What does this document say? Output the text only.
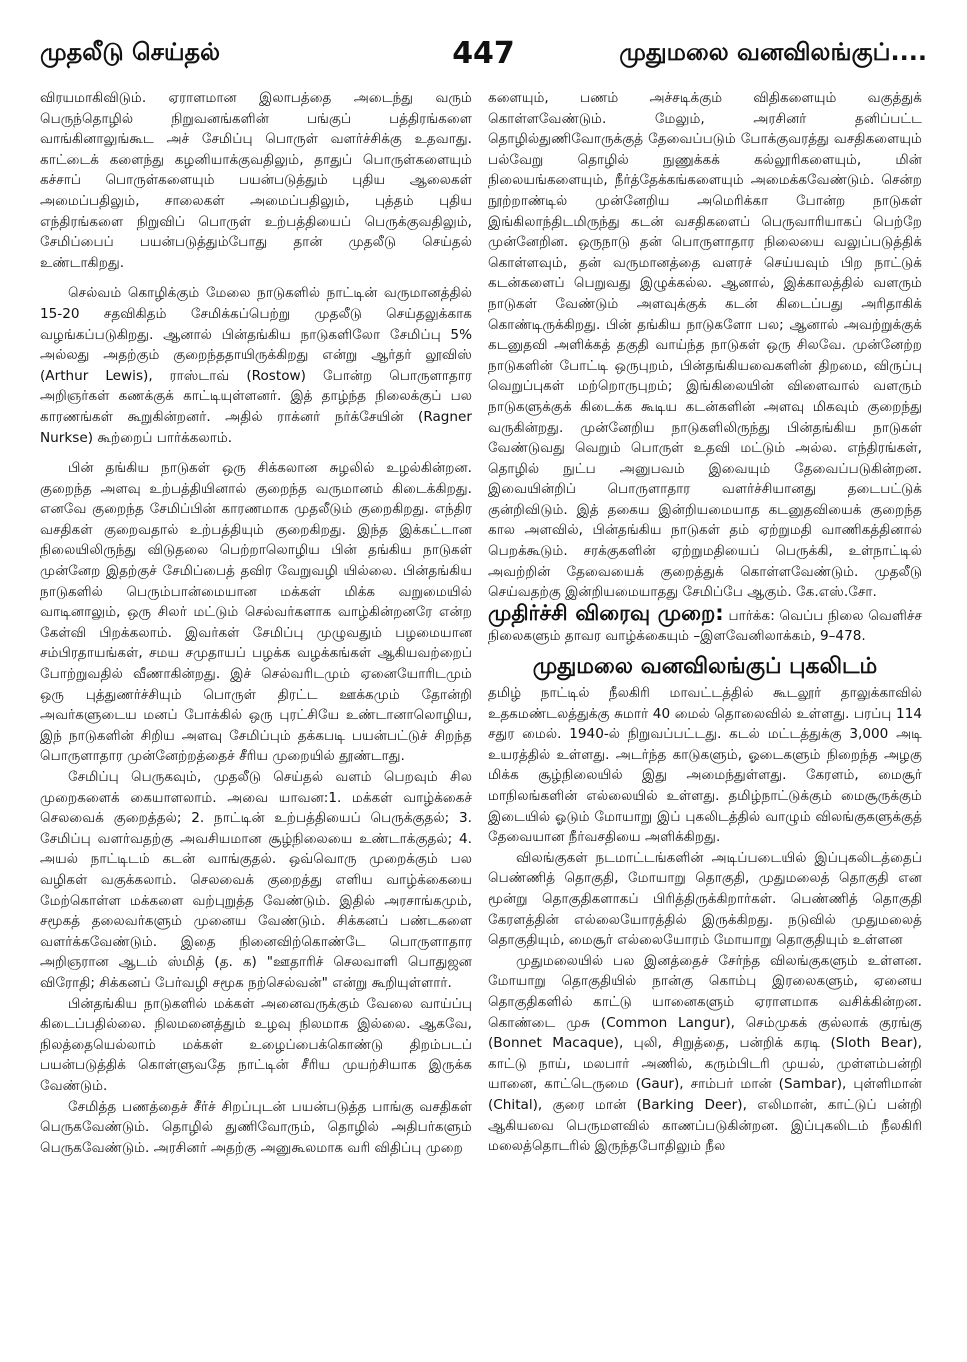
முதலீடு செய்தல்	447	முதுமலை வனவிலங்குப்....

விரயமாகிவிடும். ஏராளமான இலாபத்தை அடைந்து வரும் பெருந்தொழில் நிறுவனங்களின் பங்குப் பத்திரங்களை வாங்கினாலுங்கூட அச் சேமிப்பு பொருள் வளர்ச்சிக்கு உதவாது. காட்டைக் களைந்து கழனியாக்குவதிலும், தாதுப் பொருள்களையும் கச்சாப் பொருள்களையும் பயன்படுத்தும் புதிய ஆலைகள் அமைப்பதிலும், சாலைகள் அமைப்பதிலும், புத்தம் புதிய எந்திரங்களை நிறுவிப் பொருள் உற்பத்தியைப் பெருக்குவதிலும், சேமிப்பைப் பயன்படுத்தும்போது தான் முதலீடு செய்தல் உண்டாகிறது.

செல்வம் கொழிக்கும் மேலை நாடுகளில் நாட்டின் வருமானத்தில் 15-20 சதவிகிதம் சேமிக்கப்பெற்று முதலீடு செய்தலுக்காக வழங்கப்படுகிறது. ஆனால் பின்தங்கிய நாடுகளிலோ சேமிப்பு 5% அல்லது அதற்கும் குறைந்ததாயிருக்கிறது என்று ஆர்தர் லூவிஸ் (Arthur Lewis), ராஸ்டாவ் (Rostow) போன்ற பொருளாதார அறிஞர்கள் கணக்குக் காட்டியுள்ளனர். இத் தாழ்ந்த நிலைக்குப் பல காரணங்கள் கூறுகின்றனர். அதில் ராக்னர் நர்க்சேயின் (Ragner Nurkse) கூற்றைப் பார்க்கலாம்.

பின் தங்கிய நாடுகள் ஒரு சிக்கலான சுழலில் உழல்கின்றன. குறைந்த அளவு உற்பத்தியினால் குறைந்த வருமானம் கிடைக்கிறது. எனவே குறைந்த சேமிப்பின் காரணமாக முதலீடும் குறைகிறது. எந்திர வசதிகள் குறைவதால் உற்பத்தியும் குறைகிறது. இந்த இக்கட்டான நிலையிலிருந்து விடுதலை பெற்றாலொழிய பின் தங்கிய நாடுகள் முன்னேற இதற்குச் சேமிப்பைத் தவிர வேறுவழி யில்லை. பின்தங்கிய நாடுகளில் பெரும்பான்மையான மக்கள் மிக்க வறுமையில் வாடினாலும், ஒரு சிலர் மட்டும் செல்வர்களாக வாழ்கின்றனரே என்ற கேள்வி பிறக்கலாம். இவர்கள் சேமிப்பு முழுவதும் பழமையான சம்பிரதாயங்கள், சமய சமுதாயப் பழக்க வழக்கங்கள் ஆகியவற்றைப் போற்றுவதில் வீணாகின்றது. இச் செல்வரிடமும் ஏனையோரிடமும் ஒரு புத்துணர்ச்சியும் பொருள் திரட்ட ஊக்கமும் தோன்றி அவர்களுடைய மனப் போக்கில் ஒரு புரட்சியே உண்டானாலொழிய, இந் நாடுகளின் சிறிய அளவு சேமிப்பும் தக்கபடி பயன்பட்டுச் சிறந்த பொருளாதார முன்னேற்றத்தைச் சீரிய முறையில் தூண்டாது.

சேமிப்பு பெருகவும், முதலீடு செய்தல் வளம் பெறவும் சில முறைகளைக் கையாளலாம். அவை யாவன:1. மக்கள் வாழ்க்கைச் செலவைக் குறைத்தல்; 2. நாட்டின் உற்பத்தியைப் பெருக்குதல்; 3. சேமிப்பு வளர்வதற்கு அவசியமான சூழ்நிலையை உண்டாக்குதல்; 4. அயல் நாட்டிடம் கடன் வாங்குதல். ஒவ்வொரு முறைக்கும் பல வழிகள் வகுக்கலாம். செலவைக் குறைத்து எளிய வாழ்க்கையை மேற்கொள்ள மக்களை வற்புறுத்த வேண்டும். இதில் அரசாங்கமும், சமூகத் தலைவர்களும் முனைய வேண்டும். சிக்கனப் பண்டகளை வளர்க்கவேண்டும். இதை நினைவிற்கொண்டே பொருளாதார அறிஞரான ஆடம் ஸ்மித் (த. க) "ஊதாரிச் செலவாளி பொதுஜன விரோதி; சிக்கனப் பேர்வழி சமூக நற்செல்வன்" என்று கூறியுள்ளார்.

பின்தங்கிய நாடுகளில் மக்கள் அனைவருக்கும் வேலை வாய்ப்பு கிடைப்பதில்லை. நிலமனைத்தும் உழவு நிலமாக இல்லை. ஆகவே, நிலத்தையெல்லாம் மக்கள் உழைப்பைக்கொண்டு திறம்படப் பயன்படுத்திக் கொள்ளுவதே நாட்டின் சீரிய முயற்சியாக இருக்க வேண்டும்.

சேமித்த பணத்தைச் சீர்ச் சிறப்புடன் பயன்படுத்த பாங்கு வசதிகள் பெருகவேண்டும். தொழில் துணிவோரும், தொழில் அதிபர்களும் பெருகவேண்டும். அரசினர் அதற்கு அனுகூலமாக வரி விதிப்பு முறை

களையும், பணம் அச்சடிக்கும் விதிகளையும் வகுத்துக் கொள்ளவேண்டும். மேலும், அரசினர் தனிப்பட்ட தொழில்துணிவோருக்குத் தேவைப்படும் போக்குவரத்து வசதிகளையும் பல்வேறு தொழில் நுணுக்கக் கல்லூரிகளையும், மின் நிலையங்களையும், நீர்த்தேக்கங்களையும் அமைக்கவேண்டும். சென்ற நூற்றாண்டில் முன்னேறிய அமெரிக்கா போன்ற நாடுகள் இங்கிலாந்திடமிருந்து கடன் வசதிகளைப் பெருவாரியாகப் பெற்றே முன்னேறின. ஒருநாடு தன் பொருளாதார நிலையை வலுப்படுத்திக் கொள்ளவும், தன் வருமானத்தை வளரச் செய்யவும் பிற நாட்டுக் கடன்களைப் பெறுவது இழுக்கல்ல. ஆனால், இக்காலத்தில் வளரும் நாடுகள் வேண்டும் அளவுக்குக் கடன் கிடைப்பது அரிதாகிக் கொண்டிருக்கிறது. பின் தங்கிய நாடுகளோ பல; ஆனால் அவற்றுக்குக் கடனுதவி அளிக்கத் தகுதி வாய்ந்த நாடுகள் ஒரு சிலவே. முன்னேற்ற நாடுகளின் போட்டி ஒருபுறம், பின்தங்கியவைகளின் திறமை, விருப்பு வெறுப்புகள் மற்றொருபுறம்; இங்கிலையின் விளைவால் வளரும் நாடுகளுக்குக் கிடைக்க கூடிய கடன்களின் அளவு மிகவும் குறைந்து வருகின்றது. முன்னேறிய நாடுகளிலிருந்து பின்தங்கிய நாடுகள் வேண்டுவது வெறும் பொருள் உதவி மட்டும் அல்ல. எந்திரங்கள், தொழில் நுட்ப அனுபவம் இவையும் தேவைப்படுகின்றன. இவையின்றிப் பொருளாதார வளர்ச்சியானது தடைபட்டுக் குன்றிவிடும். இத் தகைய இன்றியமையாத கடனுதவியைக் குறைந்த கால அளவில், பின்தங்கிய நாடுகள் தம் ஏற்றுமதி வாணிகத்தினால் பெறக்கூடும். சரக்குகளின் ஏற்றுமதியைப் பெருக்கி, உள்நாட்டில் அவற்றின் தேவையைக் குறைத்துக் கொள்ளவேண்டும். முதலீடு செய்வதற்கு இன்றியமையாதது சேமிப்பே ஆகும். கே.எஸ்.சோ.

முதிர்ச்சி விரைவு முறை: பார்க்க: வெப்ப நிலை வெளிச்ச நிலைகளும் தாவர வாழ்க்கையும் –இளவேனிலாக்கம், 9–478.

முதுமலை வனவிலங்குப் புகலிடம்

தமிழ் நாட்டில் நீலகிரி மாவட்டத்தில் கூடலூர் தாலுக்காவில் உதகமண்டலத்துக்கு சுமார் 40 மைல் தொலைவில் உள்ளது. பரப்பு 114 சதுர மைல். 1940-ல் நிறுவப்பட்டது. கடல் மட்டத்துக்கு 3,000 அடி உயரத்தில் உள்ளது. அடர்ந்த காடுகளும், ஓடைகளும் நிறைந்த அழகு மிக்க சூழ்நிலையில் இது அமைந்துள்ளது. கேரளம், மைசூர் மாநிலங்களின் எல்லையில் உள்ளது. தமிழ்நாட்டுக்கும் மைசூருக்கும் இடையில் ஓடும் மோயாறு இப் புகலிடத்தில் வாழும் விலங்குகளுக்குத் தேவையான நீர்வசதியை அளிக்கிறது.

விலங்குகள் நடமாட்டங்களின் அடிப்படையில் இப்புகலிடத்தைப் பெண்ணித் தொகுதி, மோயாறு தொகுதி, முதுமலைத் தொகுதி என மூன்று தொகுதிகளாகப் பிரித்திருக்கிறார்கள். பெண்ணித் தொகுதி கேரளத்தின் எல்லையோரத்தில் இருக்கிறது. நடுவில் முதுமலைத் தொகுதியும், மைசூர் எல்லையோரம் மோயாறு தொகுதியும் உள்ளன

முதுமலையில் பல இனத்தைச் சேர்ந்த விலங்குகளும் உள்ளன. மோயாறு தொகுதியில் நான்கு கொம்பு இரலைகளும், ஏனைய தொகுதிகளில் காட்டு யானைகளும் ஏராளமாக வசிக்கின்றன. கொண்டை முசு (Common Langur), செம்முகக் குல்லாக் குரங்கு (Bonnet Macaque), புலி, சிறுத்தை, பன்றிக் கரடி (Sloth Bear), காட்டு நாய், மலபார் அணில், கரும்பிடரி முயல், முள்ளம்பன்றி யானை, காட்டெருமை (Gaur), சாம்பர் மான் (Sambar), புள்ளிமான் (Chital), குரை மான் (Barking Deer), எலிமான், காட்டுப் பன்றி ஆகியவை பெருமளவில் காணப்படுகின்றன. இப்புகலிடம் நீலகிரி மலைத்தொடரில் இருந்தபோதிலும் நீல
